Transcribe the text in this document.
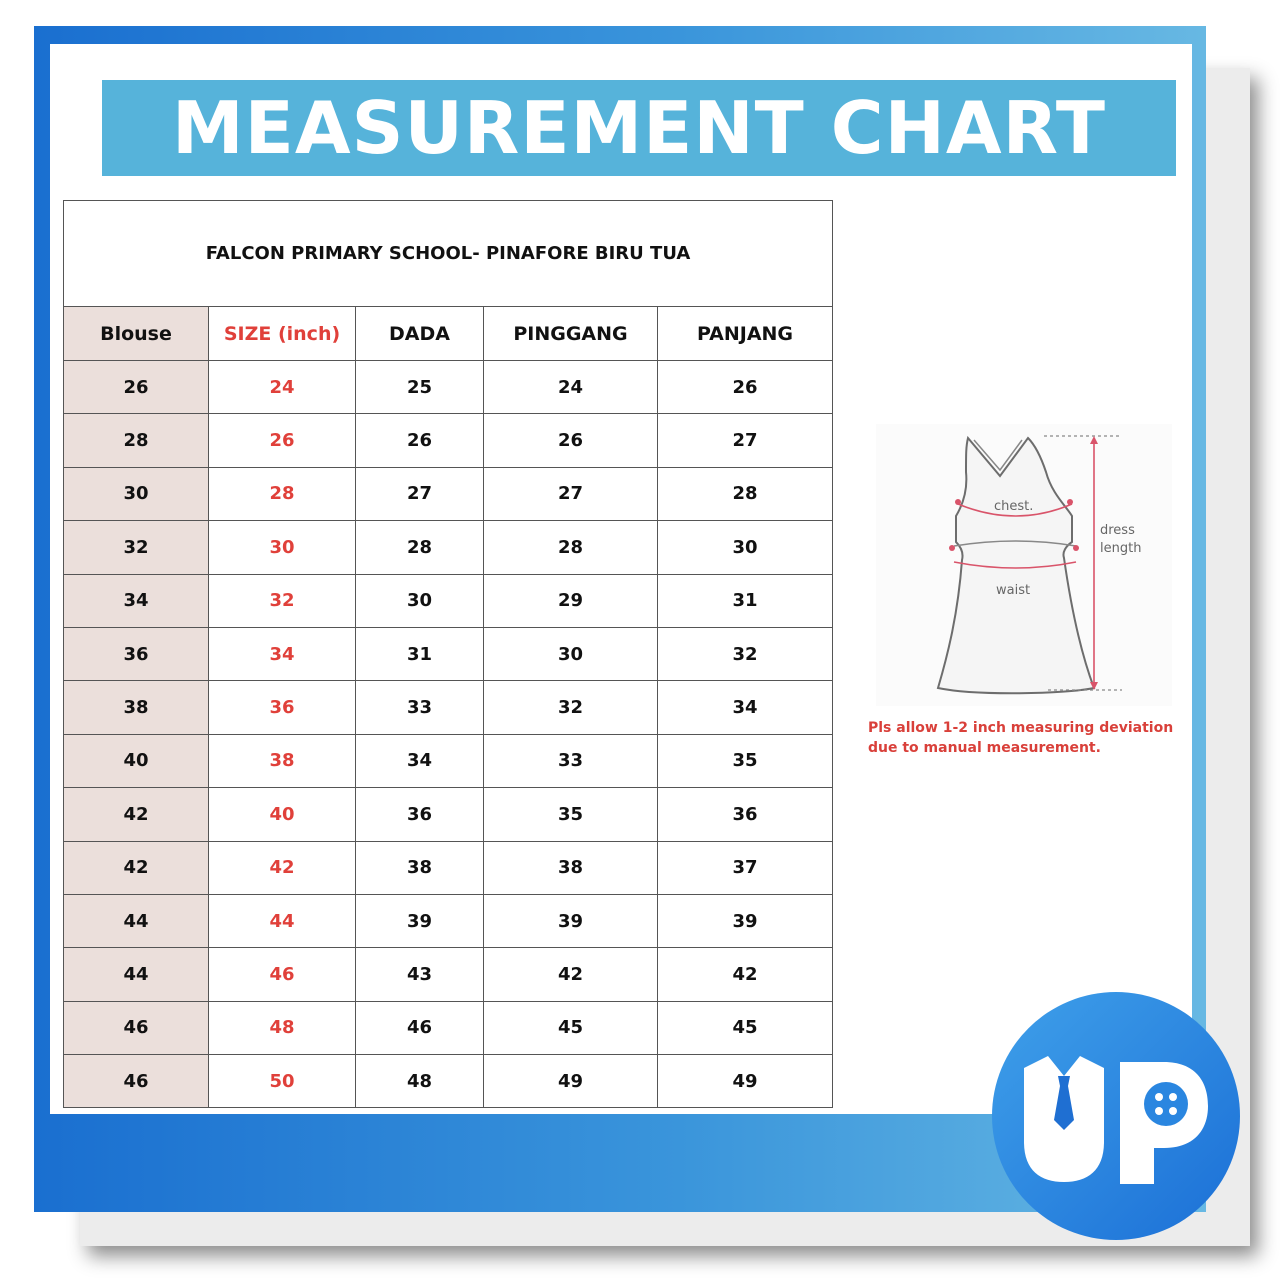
MEASUREMENT CHART
FALCON PRIMARY SCHOOL- PINAFORE BIRU TUA				
Blouse	SIZE (inch)	DADA	PINGGANG	PANJANG
26	24	25	24	26
28	26	26	26	27
30	28	27	27	28
32	30	28	28	30
34	32	30	29	31
36	34	31	30	32
38	36	33	32	34
40	38	34	33	35
42	40	36	35	36
42	42	38	38	37
44	44	39	39	39
44	46	43	42	42
46	48	46	45	45
46	50	48	49	49
chest.
waist
dress
length
Pls allow 1-2 inch measuring deviation due to manual measurement.
